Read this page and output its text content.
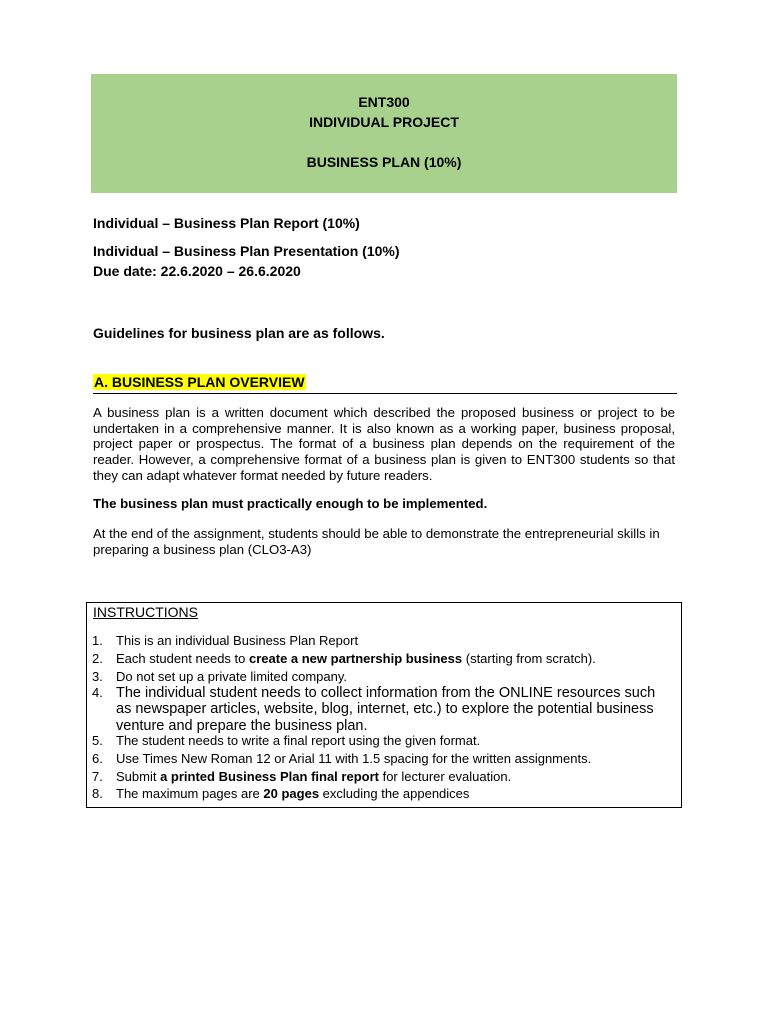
ENT300
INDIVIDUAL PROJECT
BUSINESS PLAN (10%)
Individual – Business Plan Report (10%)
Individual – Business Plan Presentation (10%)
Due date: 22.6.2020 – 26.6.2020
Guidelines for business plan are as follows.
A. BUSINESS PLAN OVERVIEW
A business plan is a written document which described the proposed business or project to be undertaken in a comprehensive manner. It is also known as a working paper, business proposal, project paper or prospectus. The format of a business plan depends on the requirement of the reader. However, a comprehensive format of a business plan is given to ENT300 students so that they can adapt whatever format needed by future readers.
The business plan must practically enough to be implemented.
At the end of the assignment, students should be able to demonstrate the entrepreneurial skills in preparing a business plan (CLO3-A3)
INSTRUCTIONS
1. This is an individual Business Plan Report
2. Each student needs to create a new partnership business (starting from scratch).
3. Do not set up a private limited company.
4. The individual student needs to collect information from the ONLINE resources such as newspaper articles, website, blog, internet, etc.) to explore the potential business venture and prepare the business plan.
5. The student needs to write a final report using the given format.
6. Use Times New Roman 12 or Arial 11 with 1.5 spacing for the written assignments.
7. Submit a printed Business Plan final report for lecturer evaluation.
8. The maximum pages are 20 pages excluding the appendices
